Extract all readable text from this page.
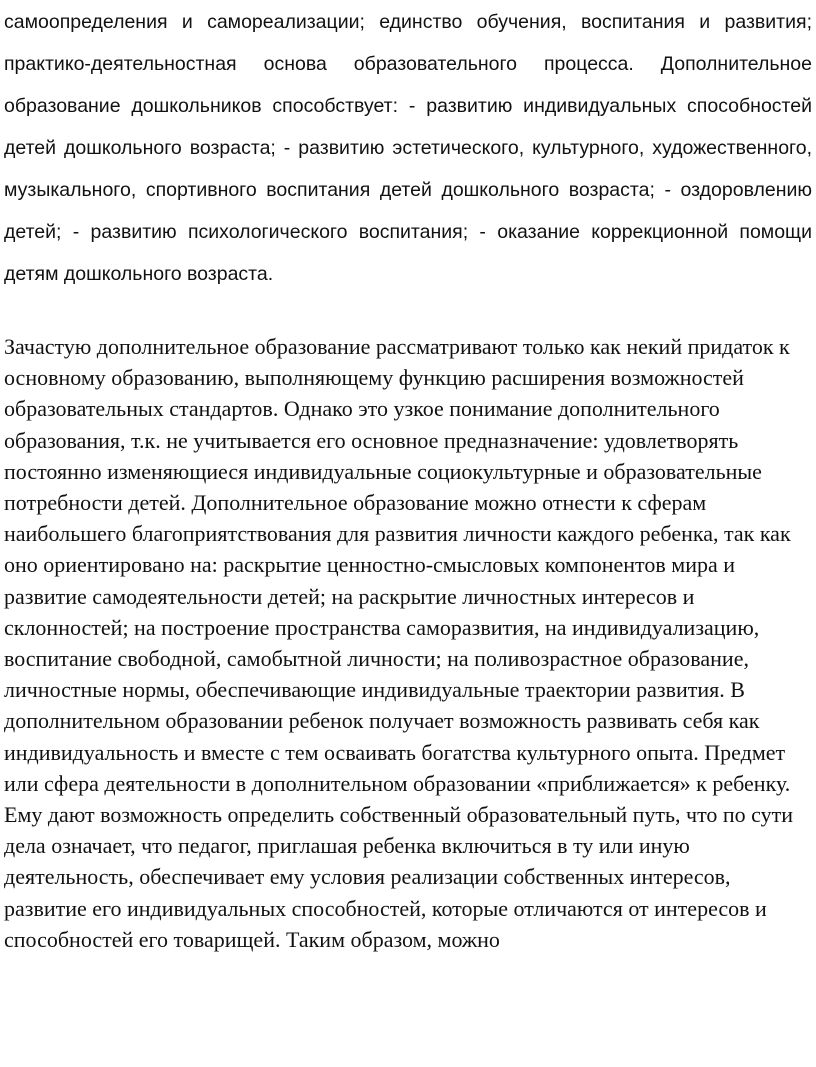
самоопределения и самореализации; единство обучения, воспитания и развития; практико-деятельностная основа образовательного процесса. Дополнительное образование дошкольников способствует: - развитию индивидуальных способностей детей дошкольного возраста; - развитию эстетического, культурного, художественного, музыкального, спортивного воспитания детей дошкольного возраста; - оздоровлению детей; - развитию психологического воспитания; - оказание коррекционной помощи детям дошкольного возраста.

Зачастую дополнительное образование рассматривают только как некий придаток к основному образованию, выполняющему функцию расширения возможностей образовательных стандартов. Однако это узкое понимание дополнительного образования, т.к. не учитывается его основное предназначение: удовлетворять постоянно изменяющиеся индивидуальные социокультурные и образовательные потребности детей. Дополнительное образование можно отнести к сферам наибольшего благоприятствования для развития личности каждого ребенка, так как оно ориентировано на: раскрытие ценностно-смысловых компонентов мира и развитие самодеятельности детей; на раскрытие личностных интересов и склонностей; на построение пространства саморазвития, на индивидуализацию, воспитание свободной, самобытной личности; на поливозрастное образование, личностные нормы, обеспечивающие индивидуальные траектории развития. В дополнительном образовании ребенок получает возможность развивать себя как индивидуальность и вместе с тем осваивать богатства культурного опыта. Предмет или сфера деятельности в дополнительном образовании «приближается» к ребенку. Ему дают возможность определить собственный образовательный путь, что по сути дела означает, что педагог, приглашая ребенка включиться в ту или иную деятельность, обеспечивает ему условия реализации собственных интересов, развитие его индивидуальных способностей, которые отличаются от интересов и способностей его товарищей. Таким образом, можно
